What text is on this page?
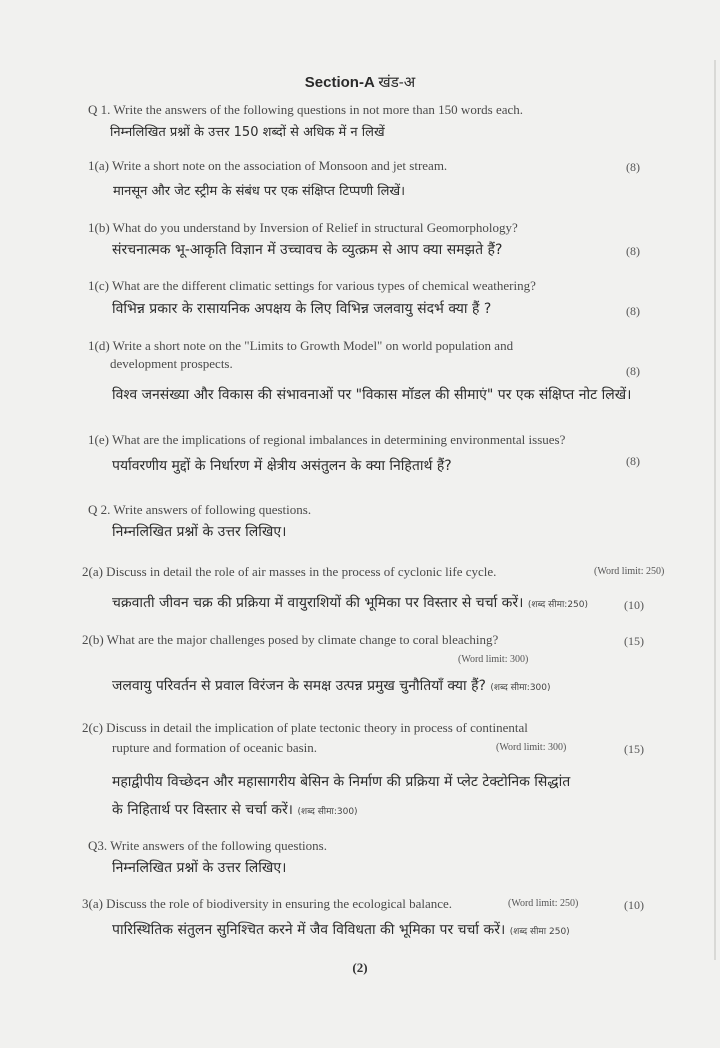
Section-A खंड-अ
Q 1. Write the answers of the following questions in not more than 150 words each.
निम्नलिखित प्रश्नों के उत्तर 150 शब्दों से अधिक में न लिखें
1(a) Write a short note on the association of Monsoon and jet stream.	(8)
मानसून और जेट स्ट्रीम के संबंध पर एक संक्षिप्त टिप्पणी लिखें।
1(b) What do you understand by Inversion of Relief in structural Geomorphology?
संरचनात्मक भू-आकृति विज्ञान में उच्चावच के व्युत्क्रम से आप क्या समझते हैं?	(8)
1(c) What are the different climatic settings for various types of chemical weathering?
विभिन्न प्रकार के रासायनिक अपक्षय के लिए विभिन्न जलवायु संदर्भ क्या हैं ?	(8)
1(d) Write a short note on the "Limits to Growth Model" on world population and
development prospects.	(8)
विश्व जनसंख्या और विकास की संभावनाओं पर "विकास मॉडल की सीमाएं" पर एक संक्षिप्त नोट लिखें।
1(e) What are the implications of regional imbalances in determining environmental issues?
(8)
पर्यावरणीय मुद्दों के निर्धारण में क्षेत्रीय असंतुलन के क्या निहितार्थ हैं?
Q 2. Write answers of following questions.
निम्नलिखित प्रश्नों के उत्तर लिखिए।
2(a) Discuss in detail the role of air masses in the process of cyclonic life cycle.	(Word limit: 250)
चक्रवाती जीवन चक्र की प्रक्रिया में वायुराशियों की भूमिका पर विस्तार से चर्चा करें। (शब्द सीमा:250)	(10)
2(b) What are the major challenges posed by climate change to coral bleaching?	(15)
(Word limit: 300)
जलवायु परिवर्तन से प्रवाल विरंजन के समक्ष उत्पन्न प्रमुख चुनौतियाँ क्या हैं? (शब्द सीमा:300)
2(c) Discuss in detail the implication of plate tectonic theory in process of continental
rupture and formation of oceanic basin.	(Word limit: 300)	(15)
महाद्वीपीय विच्छेदन और महासागरीय बेसिन के निर्माण की प्रक्रिया में प्लेट टेक्टोनिक सिद्धांत
के निहितार्थ पर विस्तार से चर्चा करें। (शब्द सीमा:300)
Q3. Write answers of the following questions.
निम्नलिखित प्रश्नों के उत्तर लिखिए।
3(a) Discuss the role of biodiversity in ensuring the ecological balance.	(Word limit: 250)	(10)
पारिस्थितिक संतुलन सुनिश्चित करने में जैव विविधता की भूमिका पर चर्चा करें। (शब्द सीमा 250)
(2)
